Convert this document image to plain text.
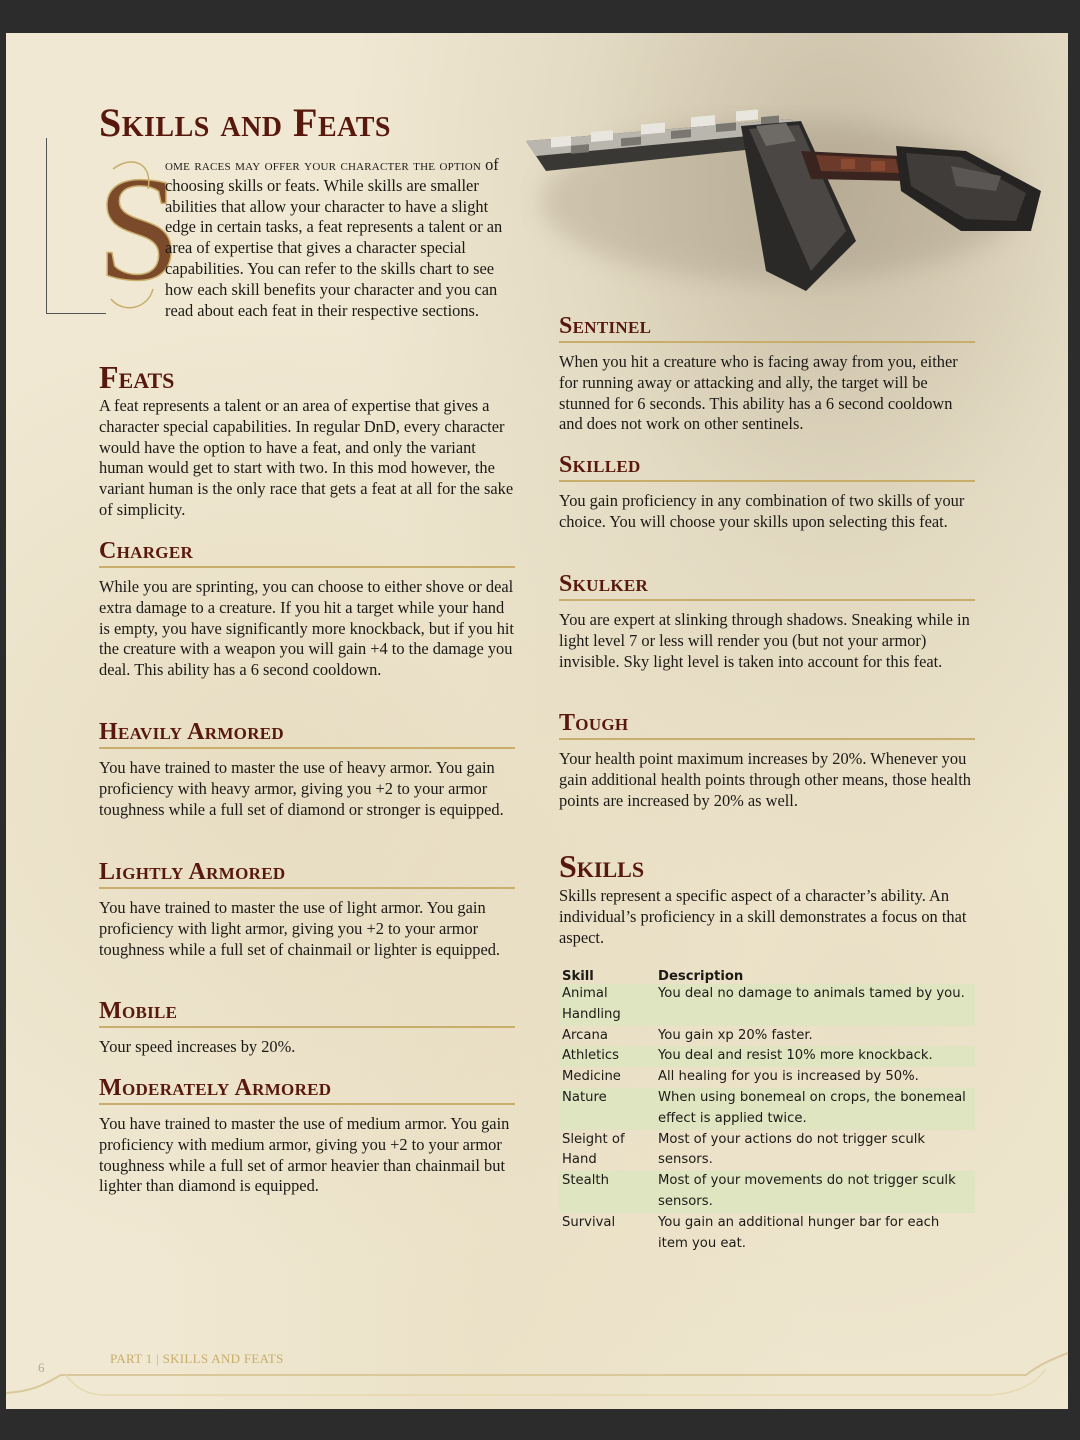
Skills and Feats
S
ome races may offer your character the option of choosing skills or feats. While skills are smaller abilities that allow your character to have a slight edge in certain tasks, a feat represents a talent or an area of expertise that gives a character special capabilities. You can refer to the skills chart to see how each skill benefits your character and you can read about each feat in their respective sections.
Feats
A feat represents a talent or an area of expertise that gives a character special capabilities. In regular DnD, every character would have the option to have a feat, and only the variant human would get to start with two. In this mod however, the variant human is the only race that gets a feat at all for the sake of simplicity.
Charger
While you are sprinting, you can choose to either shove or deal extra damage to a creature. If you hit a target while your hand is empty, you have significantly more knockback, but if you hit the creature with a weapon you will gain +4 to the damage you deal. This ability has a 6 second cooldown.
Heavily Armored
You have trained to master the use of heavy armor. You gain proficiency with heavy armor, giving you +2 to your armor toughness while a full set of diamond or stronger is equipped.
Lightly Armored
You have trained to master the use of light armor. You gain proficiency with light armor, giving you +2 to your armor toughness while a full set of chainmail or lighter is equipped.
Mobile
Your speed increases by 20%.
Moderately Armored
You have trained to master the use of medium armor. You gain proficiency with medium armor, giving you +2 to your armor toughness while a full set of armor heavier than chainmail but lighter than diamond is equipped.
Sentinel
When you hit a creature who is facing away from you, either for running away or attacking and ally, the target will be stunned for 6 seconds. This ability has a 6 second cooldown and does not work on other sentinels.
Skilled
You gain proficiency in any combination of two skills of your choice. You will choose your skills upon selecting this feat.
Skulker
You are expert at slinking through shadows. Sneaking while in light level 7 or less will render you (but not your armor) invisible. Sky light level is taken into account for this feat.
Tough
Your health point maximum increases by 20%. Whenever you gain additional health points through other means, those health points are increased by 20% as well.
Skills
Skills represent a specific aspect of a character’s ability. An individual’s proficiency in a skill demonstrates a focus on that aspect.
Skill	Description
Animal Handling	You deal no damage to animals tamed by you.
Arcana	You gain xp 20% faster.
Athletics	You deal and resist 10% more knockback.
Medicine	All healing for you is increased by 50%.
Nature	When using bonemeal on crops, the bonemeal effect is applied twice.
Sleight of Hand	Most of your actions do not trigger sculk sensors.
Stealth	Most of your movements do not trigger sculk sensors.
Survival	You gain an additional hunger bar for each item you eat.
PART 1 | SKILLS AND FEATS
6
